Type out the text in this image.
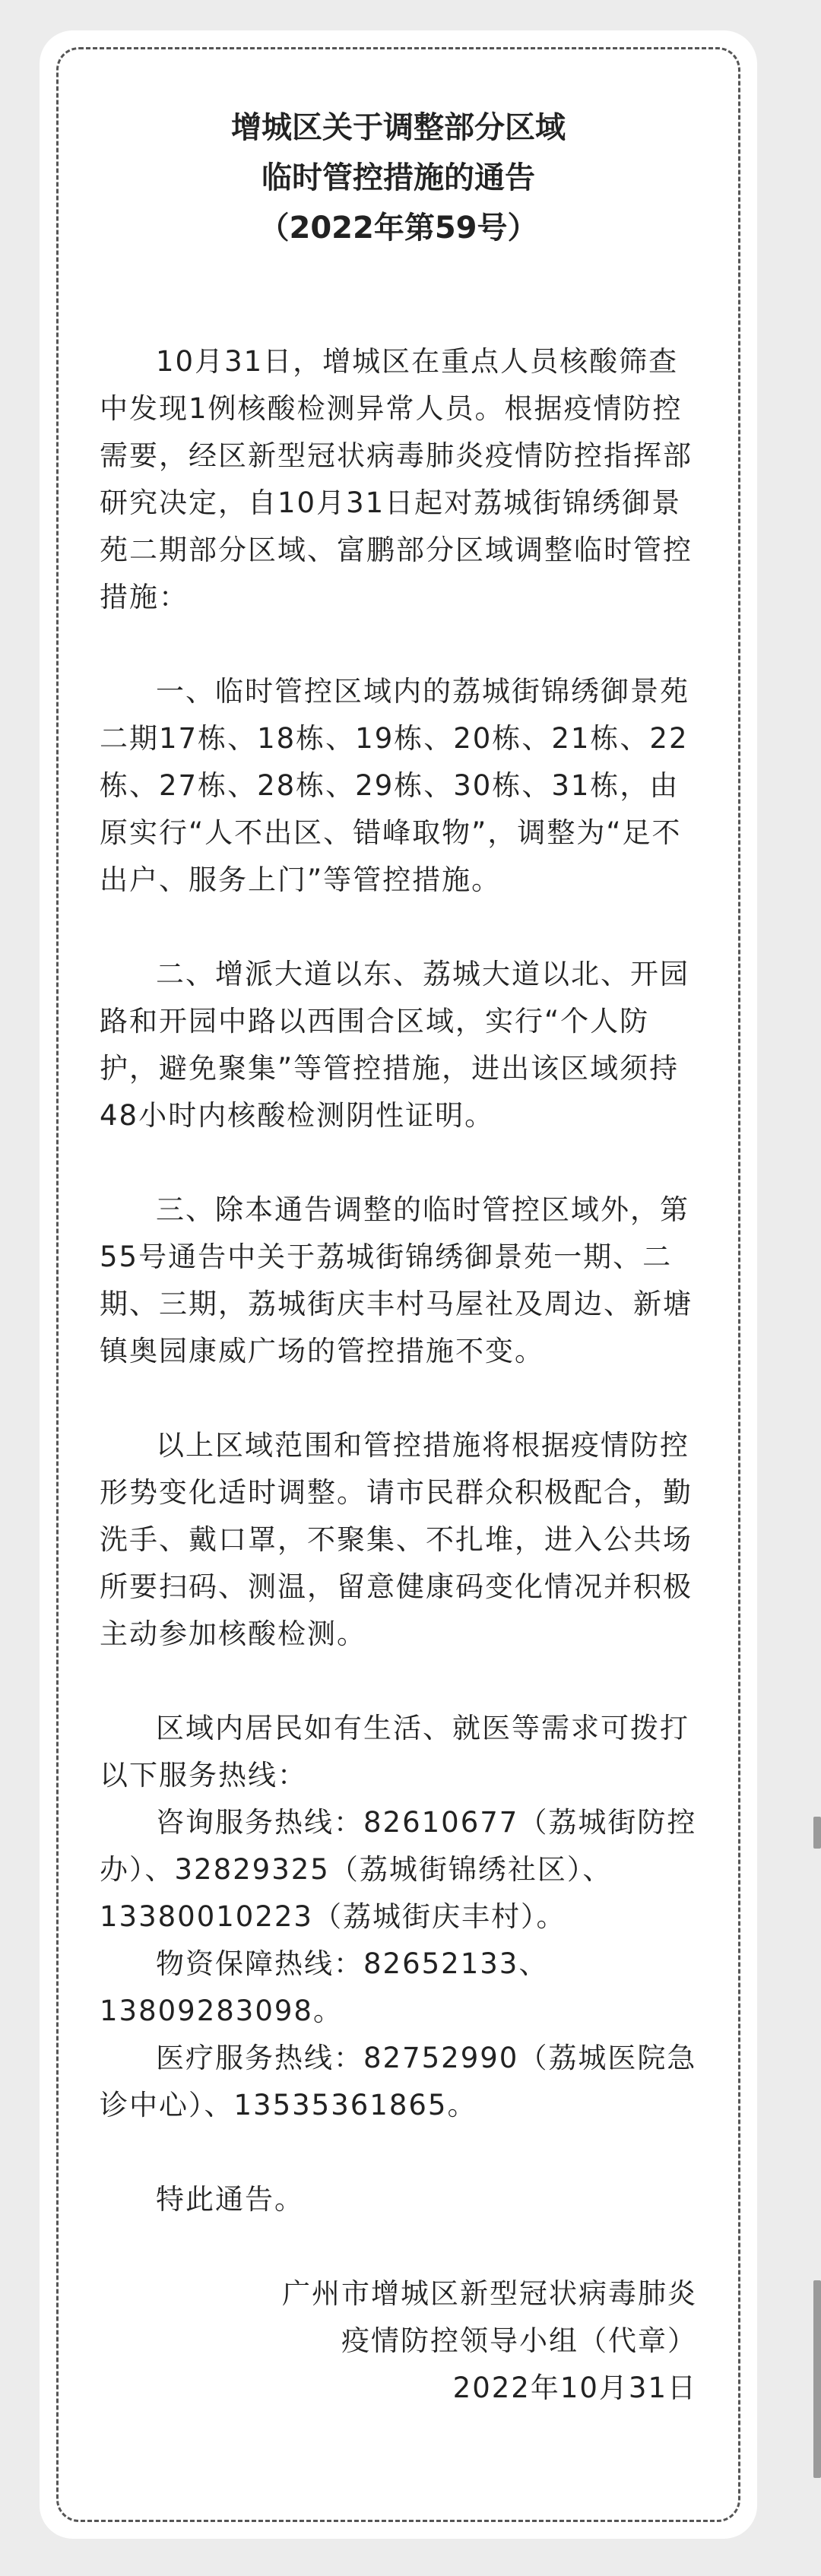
增城区关于调整部分区域
临时管控措施的通告
（2022年第59号）

10月31日，增城区在重点人员核酸筛查中发现1例核酸检测异常人员。根据疫情防控需要，经区新型冠状病毒肺炎疫情防控指挥部研究决定，自10月31日起对荔城街锦绣御景苑二期部分区域、富鹏部分区域调整临时管控措施：

一、临时管控区域内的荔城街锦绣御景苑二期17栋、18栋、19栋、20栋、21栋、22栋、27栋、28栋、29栋、30栋、31栋，由原实行“人不出区、错峰取物”，调整为“足不出户、服务上门”等管控措施。

二、增派大道以东、荔城大道以北、开园路和开园中路以西围合区域，实行“个人防护，避免聚集”等管控措施，进出该区域须持48小时内核酸检测阴性证明。

三、除本通告调整的临时管控区域外，第55号通告中关于荔城街锦绣御景苑一期、二期、三期，荔城街庆丰村马屋社及周边、新塘镇奥园康威广场的管控措施不变。

以上区域范围和管控措施将根据疫情防控形势变化适时调整。请市民群众积极配合，勤洗手、戴口罩，不聚集、不扎堆，进入公共场所要扫码、测温，留意健康码变化情况并积极主动参加核酸检测。

区域内居民如有生活、就医等需求可拨打以下服务热线：

咨询服务热线：82610677（荔城街防控办）、32829325（荔城街锦绣社区）、13380010223（荔城街庆丰村）。

物资保障热线：82652133、13809283098。

医疗服务热线：82752990（荔城医院急诊中心）、13535361865。

特此通告。

广州市增城区新型冠状病毒肺炎
疫情防控领导小组（代章）
2022年10月31日
